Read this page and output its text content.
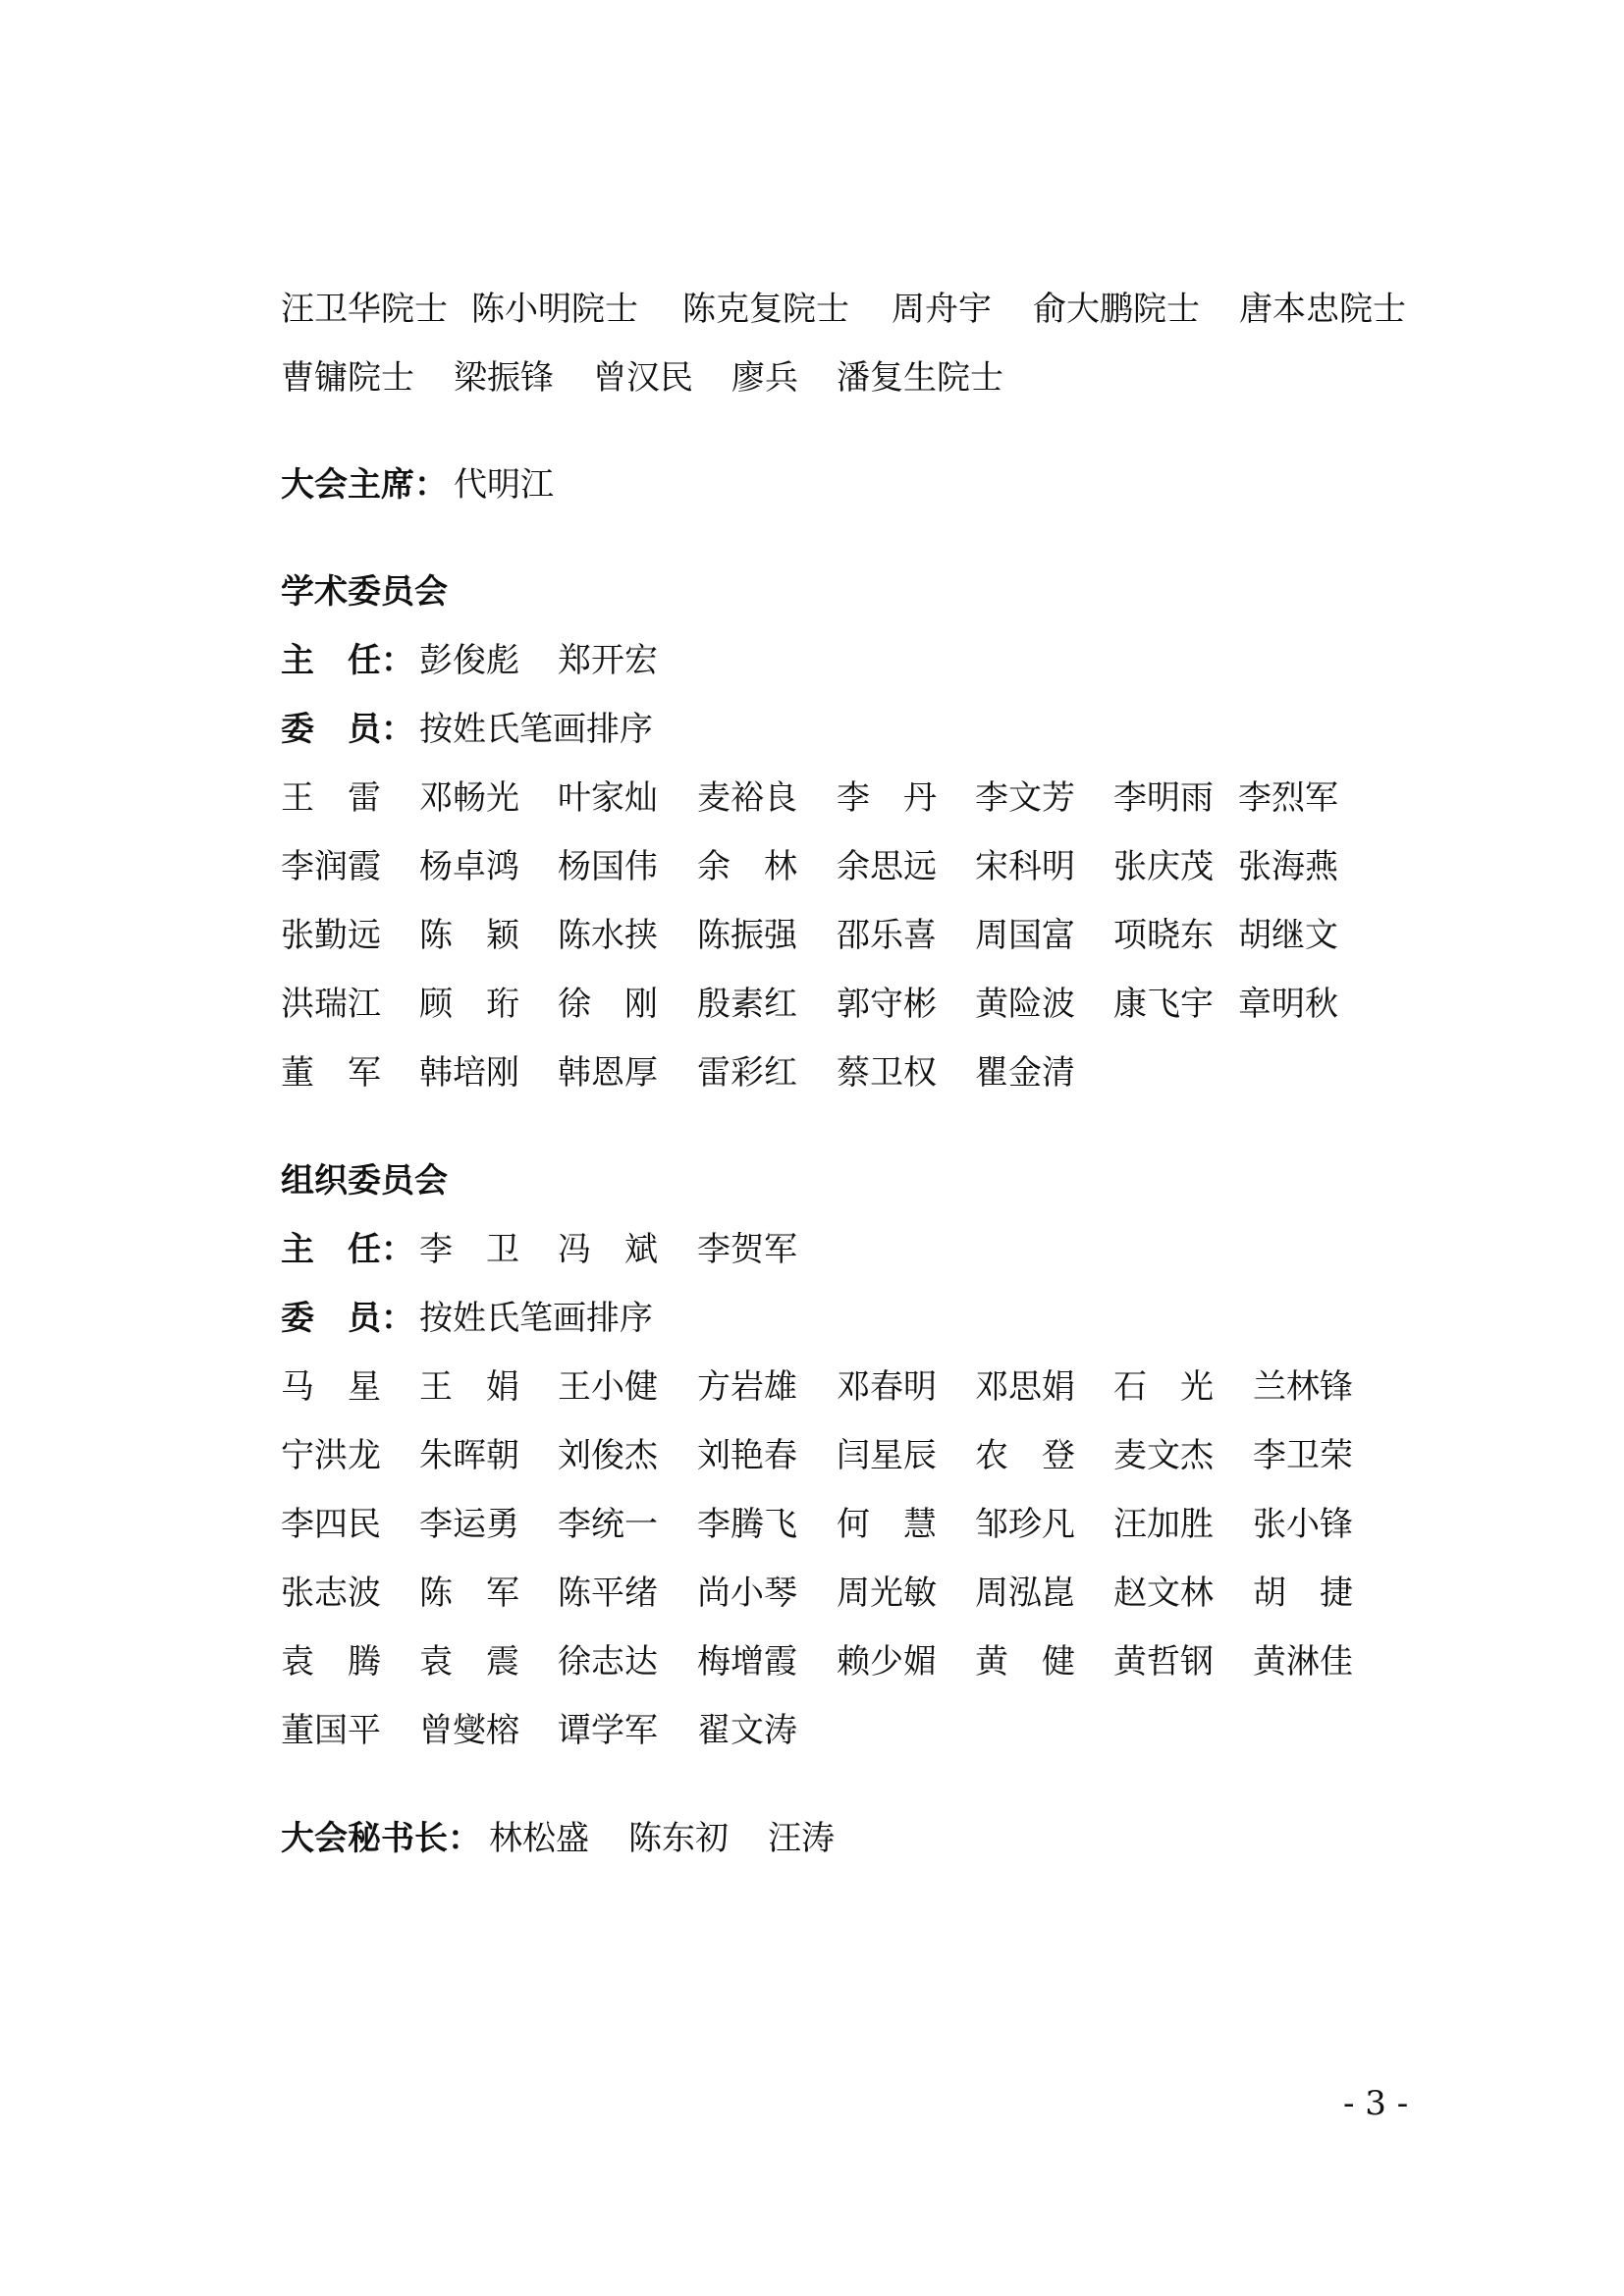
汪卫华院士 陈小明院士 陈克复院士 周舟宇 俞大鹏院士 唐本忠院士
曹镛院士 梁振锋 曾汉民 廖兵 潘复生院士
大会主席： 代明江
学术委员会
主　任： 彭俊彪 郑开宏
委　员： 按姓氏笔画排序
王　雷 邓畅光 叶家灿 麦裕良 李　丹 李文芳 李明雨 李烈军
李润霞 杨卓鸿 杨国伟 余　林 余思远 宋科明 张庆茂 张海燕
张勤远 陈　颖 陈水挟 陈振强 邵乐喜 周国富 项晓东 胡继文
洪瑞江 顾　珩 徐　刚 殷素红 郭守彬 黄险波 康飞宇 章明秋
董　军 韩培刚 韩恩厚 雷彩红 蔡卫权 瞿金清
组织委员会
主　任： 李　卫 冯　斌 李贺军
委　员： 按姓氏笔画排序
马　星 王　娟 王小健 方岩雄 邓春明 邓思娟 石　光 兰林锋
宁洪龙 朱晖朝 刘俊杰 刘艳春 闫星辰 农　登 麦文杰 李卫荣
李四民 李运勇 李统一 李腾飞 何　慧 邹珍凡 汪加胜 张小锋
张志波 陈　军 陈平绪 尚小琴 周光敏 周泓崑 赵文林 胡　捷
袁　腾 袁　震 徐志达 梅增霞 赖少媚 黄　健 黄哲钢 黄淋佳
董国平 曾燮榕 谭学军 翟文涛
大会秘书长： 林松盛 陈东初 汪涛
- 3 -
